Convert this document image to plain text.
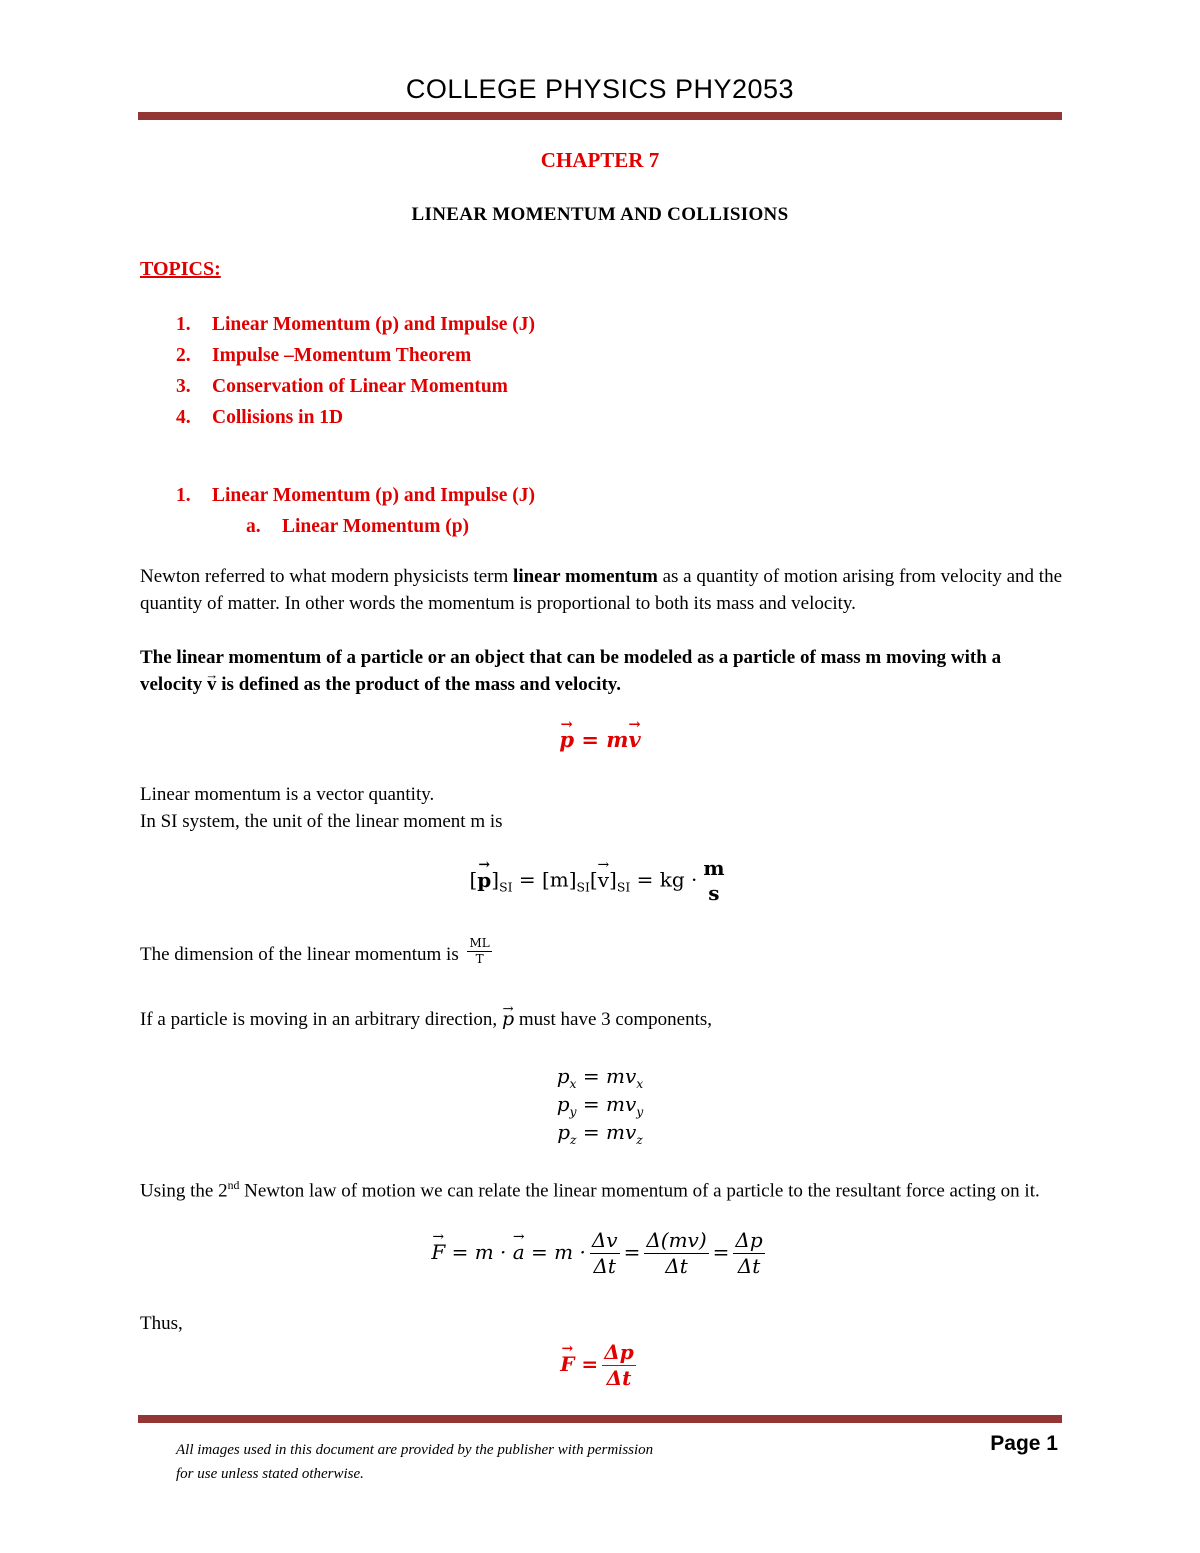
COLLEGE PHYSICS PHY2053
CHAPTER 7
LINEAR MOMENTUM AND COLLISIONS
TOPICS:
1. Linear Momentum (p) and Impulse (J)
2. Impulse –Momentum Theorem
3. Conservation of Linear Momentum
4. Collisions in 1D
1. Linear Momentum (p) and Impulse (J)
a. Linear Momentum (p)
Newton referred to what modern physicists term linear momentum as a quantity of motion arising from velocity and the quantity of matter. In other words the momentum is proportional to both its mass and velocity.
The linear momentum of a particle or an object that can be modeled as a particle of mass m moving with a velocity → v is defined as the product of the mass and velocity.
→ p = m→ v
Linear momentum is a vector quantity.
In SI system, the unit of the linear moment m is
[→ $p]_{SI} = [m]_{SI}[\to v]_{SI}$ = kg · m
s
The dimension of the linear momentum is $\frac{ML}{T}$
If a particle is moving in an arbitrary direction, → p must have 3 components,
$p_x = mv_x$
$p_y = mv_y$
$p_z = mv_z$
Using the 2nd Newton law of motion we can relate the linear momentum of a particle to the resultant force acting on it.
→ F = m · → $a = m \cdot \frac{\Delta v}{\Delta t} = \frac{\Delta(mv)}{\Delta t} = \frac{\Delta p}{\Delta t}$
Thus,
→ $F = \frac{\Delta p}{\Delta t}$
All images used in this document are provided by the publisher with permission
for use unless stated otherwise.
Page 1
